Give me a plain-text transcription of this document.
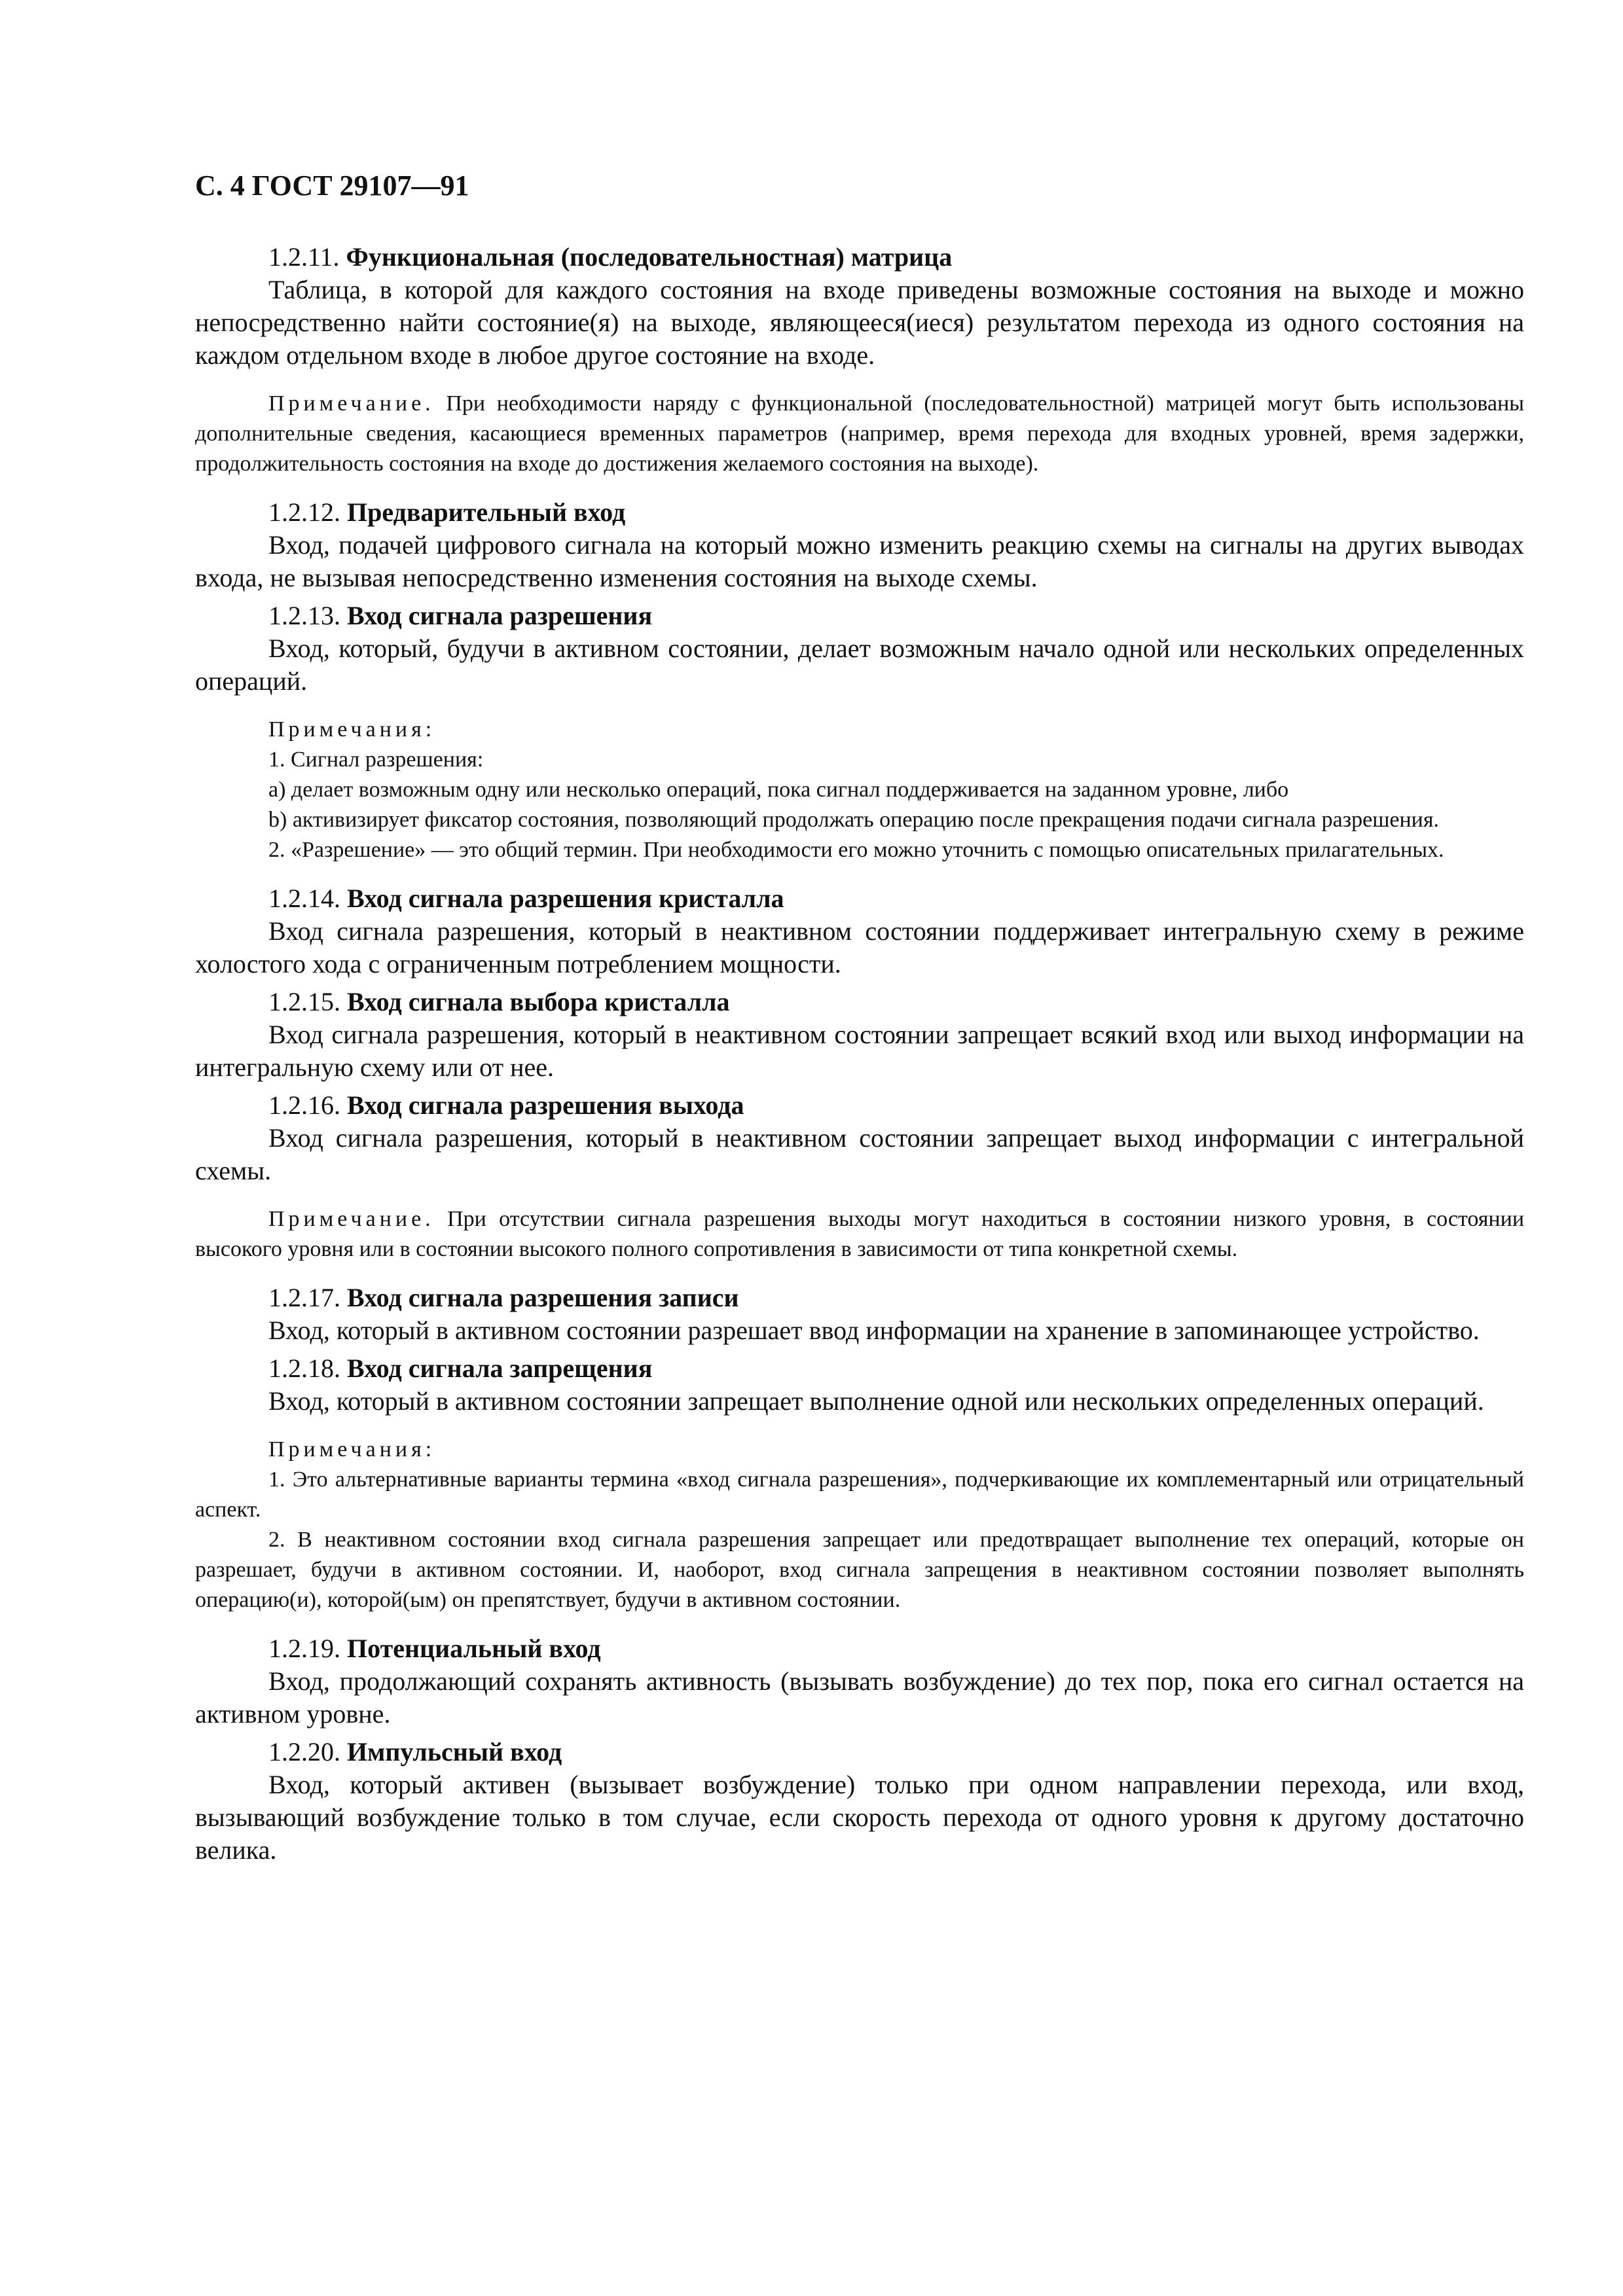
С. 4 ГОСТ 29107—91

1.2.11. Функциональная (последовательностная) матрица

Таблица, в которой для каждого состояния на входе приведены возможные состояния на выходе и можно непосредственно найти состояние(я) на выходе, являющееся(иеся) результатом перехода из одного состояния на каждом отдельном входе в любое другое состояние на входе.

Примечание. При необходимости наряду с функциональной (последовательностной) матрицей могут быть использованы дополнительные сведения, касающиеся временных параметров (например, время перехода для входных уровней, время задержки, продолжительность состояния на входе до достижения желаемого состояния на выходе).

1.2.12. Предварительный вход

Вход, подачей цифрового сигнала на который можно изменить реакцию схемы на сигналы на других выводах входа, не вызывая непосредственно изменения состояния на выходе схемы.

1.2.13. Вход сигнала разрешения

Вход, который, будучи в активном состоянии, делает возможным начало одной или нескольких определенных операций.

Примечания:

1. Сигнал разрешения:

a) делает возможным одну или несколько операций, пока сигнал поддерживается на заданном уровне, либо

b) активизирует фиксатор состояния, позволяющий продолжать операцию после прекращения подачи сигнала разрешения.

2. «Разрешение» — это общий термин. При необходимости его можно уточнить с помощью описательных прилагательных.

1.2.14. Вход сигнала разрешения кристалла

Вход сигнала разрешения, который в неактивном состоянии поддерживает интегральную схему в режиме холостого хода с ограниченным потреблением мощности.

1.2.15. Вход сигнала выбора кристалла

Вход сигнала разрешения, который в неактивном состоянии запрещает всякий вход или выход информации на интегральную схему или от нее.

1.2.16. Вход сигнала разрешения выхода

Вход сигнала разрешения, который в неактивном состоянии запрещает выход информации с интегральной схемы.

Примечание. При отсутствии сигнала разрешения выходы могут находиться в состоянии низкого уровня, в состоянии высокого уровня или в состоянии высокого полного сопротивления в зависимости от типа конкретной схемы.

1.2.17. Вход сигнала разрешения записи

Вход, который в активном состоянии разрешает ввод информации на хранение в запоминающее устройство.

1.2.18. Вход сигнала запрещения

Вход, который в активном состоянии запрещает выполнение одной или нескольких определенных операций.

Примечания:

1. Это альтернативные варианты термина «вход сигнала разрешения», подчеркивающие их комплементарный или отрицательный аспект.

2. В неактивном состоянии вход сигнала разрешения запрещает или предотвращает выполнение тех операций, которые он разрешает, будучи в активном состоянии. И, наоборот, вход сигнала запрещения в неактивном состоянии позволяет выполнять операцию(и), которой(ым) он препятствует, будучи в активном состоянии.

1.2.19. Потенциальный вход

Вход, продолжающий сохранять активность (вызывать возбуждение) до тех пор, пока его сигнал остается на активном уровне.

1.2.20. Импульсный вход

Вход, который активен (вызывает возбуждение) только при одном направлении перехода, или вход, вызывающий возбуждение только в том случае, если скорость перехода от одного уровня к другому достаточно велика.
